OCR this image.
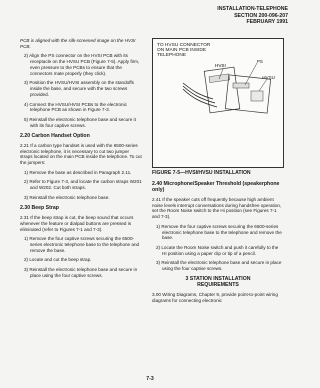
INSTALLATION-TELEPHONE
SECTION 200-096-207
FEBRUARY 1991

PCB is aligned with the silk-screened image on the HVSI PCB.

2) Align the PS connector on the HVSI PCB with its receptacle on the HVSU PCB (Figure 7-5). Apply firm, even pressure to the PCBs to ensure that the connectors mate properly (they click).

3) Position the HVSU/HVSI assembly on the standoffs inside the base, and secure with the two screws provided.

4) Connect the HVSU/HVSI PCBs to the electronic telephone PCB as shown in Figure 7-3.

5) Reinstall the electronic telephone base and secure it with its four captive screws.

2.20 Carbon Handset Option

2.21 If a carbon type handset is used with the 6500-series electronic telephone, it is necessary to cut two jumper straps located on the main PCB inside the telephone. To cut the jumpers:

1) Remove the base as described in Paragraph 2.11.

2) Refer to Figure 7-3, and locate the carbon straps W201 and W202. Cut both straps.

3) Reinstall the electronic telephone base.

2.30 Beep Strap

2.31 If the beep strap is cut, the beep sound that occurs whenever the feature or dialpad buttons are pressed is eliminated (refer to Figures 7-1 and 7-3).

1) Remove the four captive screws securing the 6500-series electronic telephone base to the telephone and remove the base.

2) Locate and cut the beep strap.

3) Reinstall the electronic telephone base and secure in place using the four captive screws.

HVSI
TO HVSU CONNECTOR ON MAIN PCB INSIDE TELEPHONE
PS
HVSU
FIGURE 7-5—HVSI/HVSU INSTALLATION
2.40 Microphone/Speaker Threshold (speakerphone only)

2.41 If the speaker cuts off frequently because high ambient noise levels interrupt conversations during handsfree operation, set the Room Noise switch to the Hi position (see Figures 7-1 and 7-3).

1) Remove the four captive screws securing the 6500-series electronic telephone base to the telephone and remove the base.

2) Locate the Room Noise switch and push it carefully to the HI position using a paper clip or tip of a pencil.

3) Reinstall the electronic telephone base and secure in place using the four captive screws.

3 STATION INSTALLATION
REQUIREMENTS

3.00 Wiring Diagrams, Chapter 9, provide point-to-point wiring diagrams for connecting electronic

7-3
